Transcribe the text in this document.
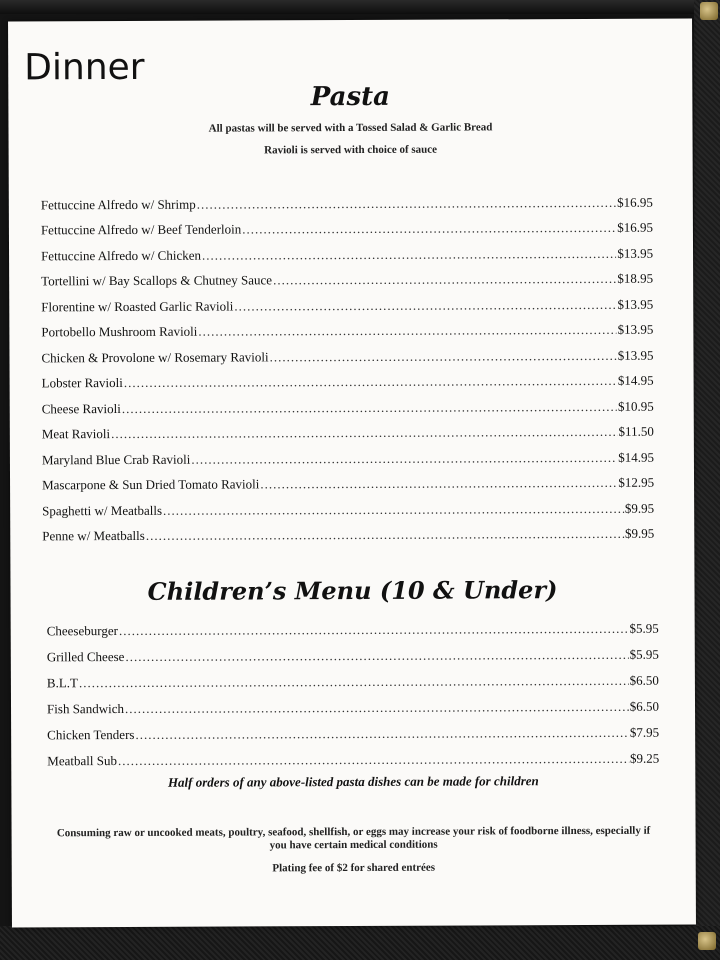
Dinner
Pasta
All pastas will be served with a Tossed Salad & Garlic Bread
Ravioli is served with choice of sauce
Fettuccine Alfredo w/ Shrimp .....	$16.95
Fettuccine Alfredo w/ Beef Tenderloin .....	$16.95
Fettuccine Alfredo w/ Chicken .....	$13.95
Tortellini w/ Bay Scallops & Chutney Sauce .....	$18.95
Florentine w/ Roasted Garlic Ravioli .....	$13.95
Portobello Mushroom Ravioli .....	$13.95
Chicken & Provolone w/ Rosemary Ravioli .....	$13.95
Lobster Ravioli .....	$14.95
Cheese Ravioli .....	$10.95
Meat Ravioli .....	$11.50
Maryland Blue Crab Ravioli .....	$14.95
Mascarpone & Sun Dried Tomato Ravioli .....	$12.95
Spaghetti w/ Meatballs .....	$9.95
Penne w/ Meatballs .....	$9.95
Children’s Menu (10 & Under)
Cheeseburger .....	$5.95
Grilled Cheese .....	$5.95
B.L.T .....	$6.50
Fish Sandwich .....	$6.50
Chicken Tenders .....	$7.95
Meatball Sub .....	$9.25
Half orders of any above-listed pasta dishes can be made for children
Consuming raw or uncooked meats, poultry, seafood, shellfish, or eggs may increase your risk of foodborne illness, especially if you have certain medical conditions
Plating fee of $2 for shared entrées
